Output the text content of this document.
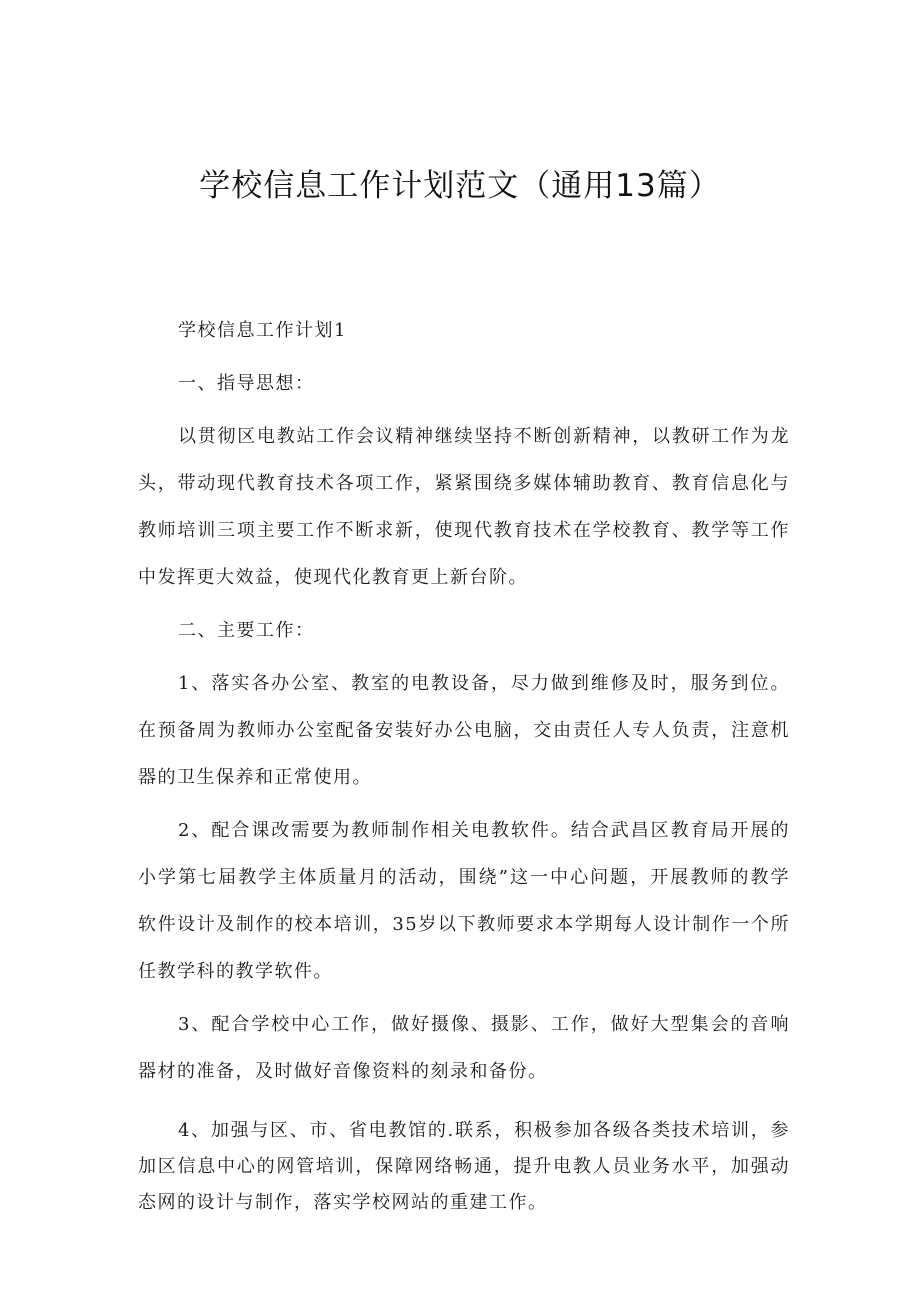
学校信息工作计划范文（通用13篇）

学校信息工作计划1

一、指导思想：

以贯彻区电教站工作会议精神继续坚持不断创新精神，以教研工作为龙头，带动现代教育技术各项工作，紧紧围绕多媒体辅助教育、教育信息化与教师培训三项主要工作不断求新，使现代教育技术在学校教育、教学等工作中发挥更大效益，使现代化教育更上新台阶。

二、主要工作：

1、落实各办公室、教室的电教设备，尽力做到维修及时，服务到位。在预备周为教师办公室配备安装好办公电脑，交由责任人专人负责，注意机器的卫生保养和正常使用。

2、配合课改需要为教师制作相关电教软件。结合武昌区教育局开展的小学第七届教学主体质量月的活动，围绕”这一中心问题，开展教师的教学软件设计及制作的校本培训，35岁以下教师要求本学期每人设计制作一个所任教学科的教学软件。

3、配合学校中心工作，做好摄像、摄影、工作，做好大型集会的音响器材的准备，及时做好音像资料的刻录和备份。

4、加强与区、市、省电教馆的.联系，积极参加各级各类技术培训，参加区信息中心的网管培训，保障网络畅通，提升电教人员业务水平，加强动态网的设计与制作，落实学校网站的重建工作。
